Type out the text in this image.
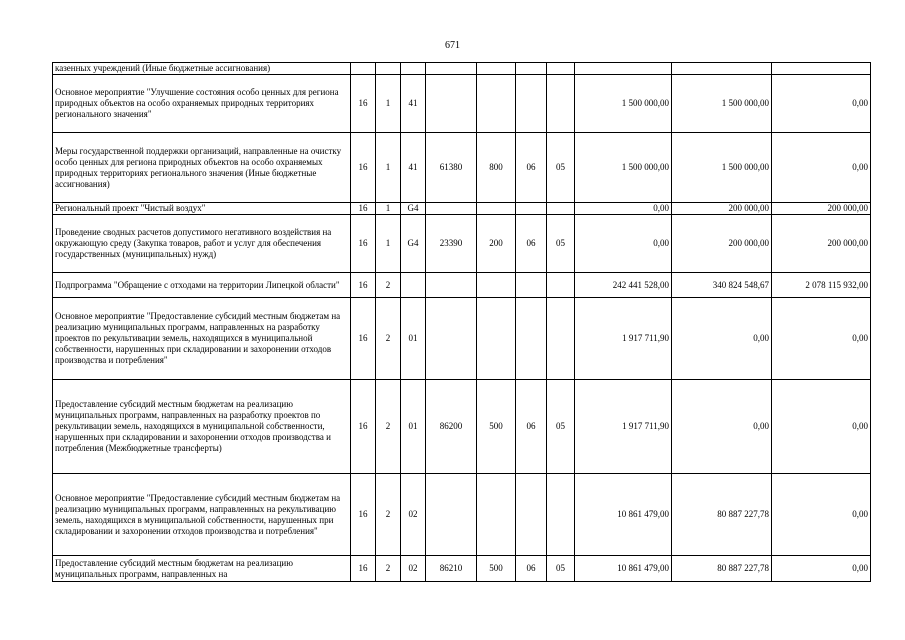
671
казенных учреждений (Иные бюджетные ассигнования)										
Основное мероприятие "Улучшение состояния особо ценных для региона природных объектов на особо охраняемых природных территориях регионального значения"	16	1	41					1 500 000,00	1 500 000,00	0,00
Меры государственной поддержки организаций, направленные на очистку особо ценных для региона природных объектов на особо охраняемых природных территориях регионального значения (Иные бюджетные ассигнования)	16	1	41	61380	800	06	05	1 500 000,00	1 500 000,00	0,00
Региональный проект "Чистый воздух"	16	1	G4					0,00	200 000,00	200 000,00
Проведение сводных расчетов допустимого негативного воздействия на окружающую среду (Закупка товаров, работ и услуг для обеспечения государственных (муниципальных) нужд)	16	1	G4	23390	200	06	05	0,00	200 000,00	200 000,00
Подпрограмма "Обращение с отходами на территории Липецкой области"	16	2						242 441 528,00	340 824 548,67	2 078 115 932,00
Основное мероприятие "Предоставление субсидий местным бюджетам на реализацию муниципальных программ, направленных на разработку проектов по рекультивации земель, находящихся в муниципальной собственности, нарушенных при складировании и захоронении отходов производства и потребления"	16	2	01					1 917 711,90	0,00	0,00
Предоставление субсидий местным бюджетам на реализацию муниципальных программ, направленных на разработку проектов по рекультивации земель, находящихся в муниципальной собственности, нарушенных при складировании и захоронении отходов производства и потребления (Межбюджетные трансферты)	16	2	01	86200	500	06	05	1 917 711,90	0,00	0,00
Основное мероприятие "Предоставление субсидий местным бюджетам на реализацию муниципальных программ, направленных на рекультивацию земель, находящихся в муниципальной собственности, нарушенных при складировании и захоронении отходов производства и потребления"	16	2	02					10 861 479,00	80 887 227,78	0,00
Предоставление субсидий местным бюджетам на реализацию муниципальных программ, направленных на	16	2	02	86210	500	06	05	10 861 479,00	80 887 227,78	0,00
